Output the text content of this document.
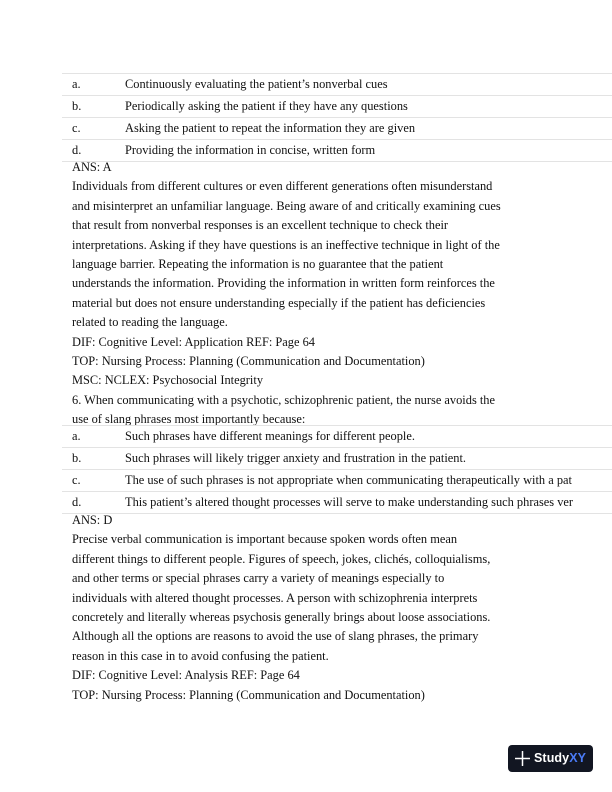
a.	Continuously evaluating the patient’s nonverbal cues
b.	Periodically asking the patient if they have any questions
c.	Asking the patient to repeat the information they are given
d.	Providing the information in concise, written form
ANS: A
Individuals from different cultures or even different generations often misunderstand
and misinterpret an unfamiliar language. Being aware of and critically examining cues
that result from nonverbal responses is an excellent technique to check their
interpretations. Asking if they have questions is an ineffective technique in light of the
language barrier. Repeating the information is no guarantee that the patient
understands the information. Providing the information in written form reinforces the
material but does not ensure understanding especially if the patient has deficiencies
related to reading the language.
DIF: Cognitive Level: Application REF: Page 64
TOP: Nursing Process: Planning (Communication and Documentation)
MSC: NCLEX: Psychosocial Integrity
6. When communicating with a psychotic, schizophrenic patient, the nurse avoids the
use of slang phrases most importantly because:
a.	Such phrases have different meanings for different people.
b.	Such phrases will likely trigger anxiety and frustration in the patient.
c.	The use of such phrases is not appropriate when communicating therapeutically with a pat
d.	This patient’s altered thought processes will serve to make understanding such phrases ver
ANS: D
Precise verbal communication is important because spoken words often mean
different things to different people. Figures of speech, jokes, clichés, colloquialisms,
and other terms or special phrases carry a variety of meanings especially to
individuals with altered thought processes. A person with schizophrenia interprets
concretely and literally whereas psychosis generally brings about loose associations.
Although all the options are reasons to avoid the use of slang phrases, the primary
reason in this case in to avoid confusing the patient.
DIF: Cognitive Level: Analysis REF: Page 64
TOP: Nursing Process: Planning (Communication and Documentation)
StudyXY
